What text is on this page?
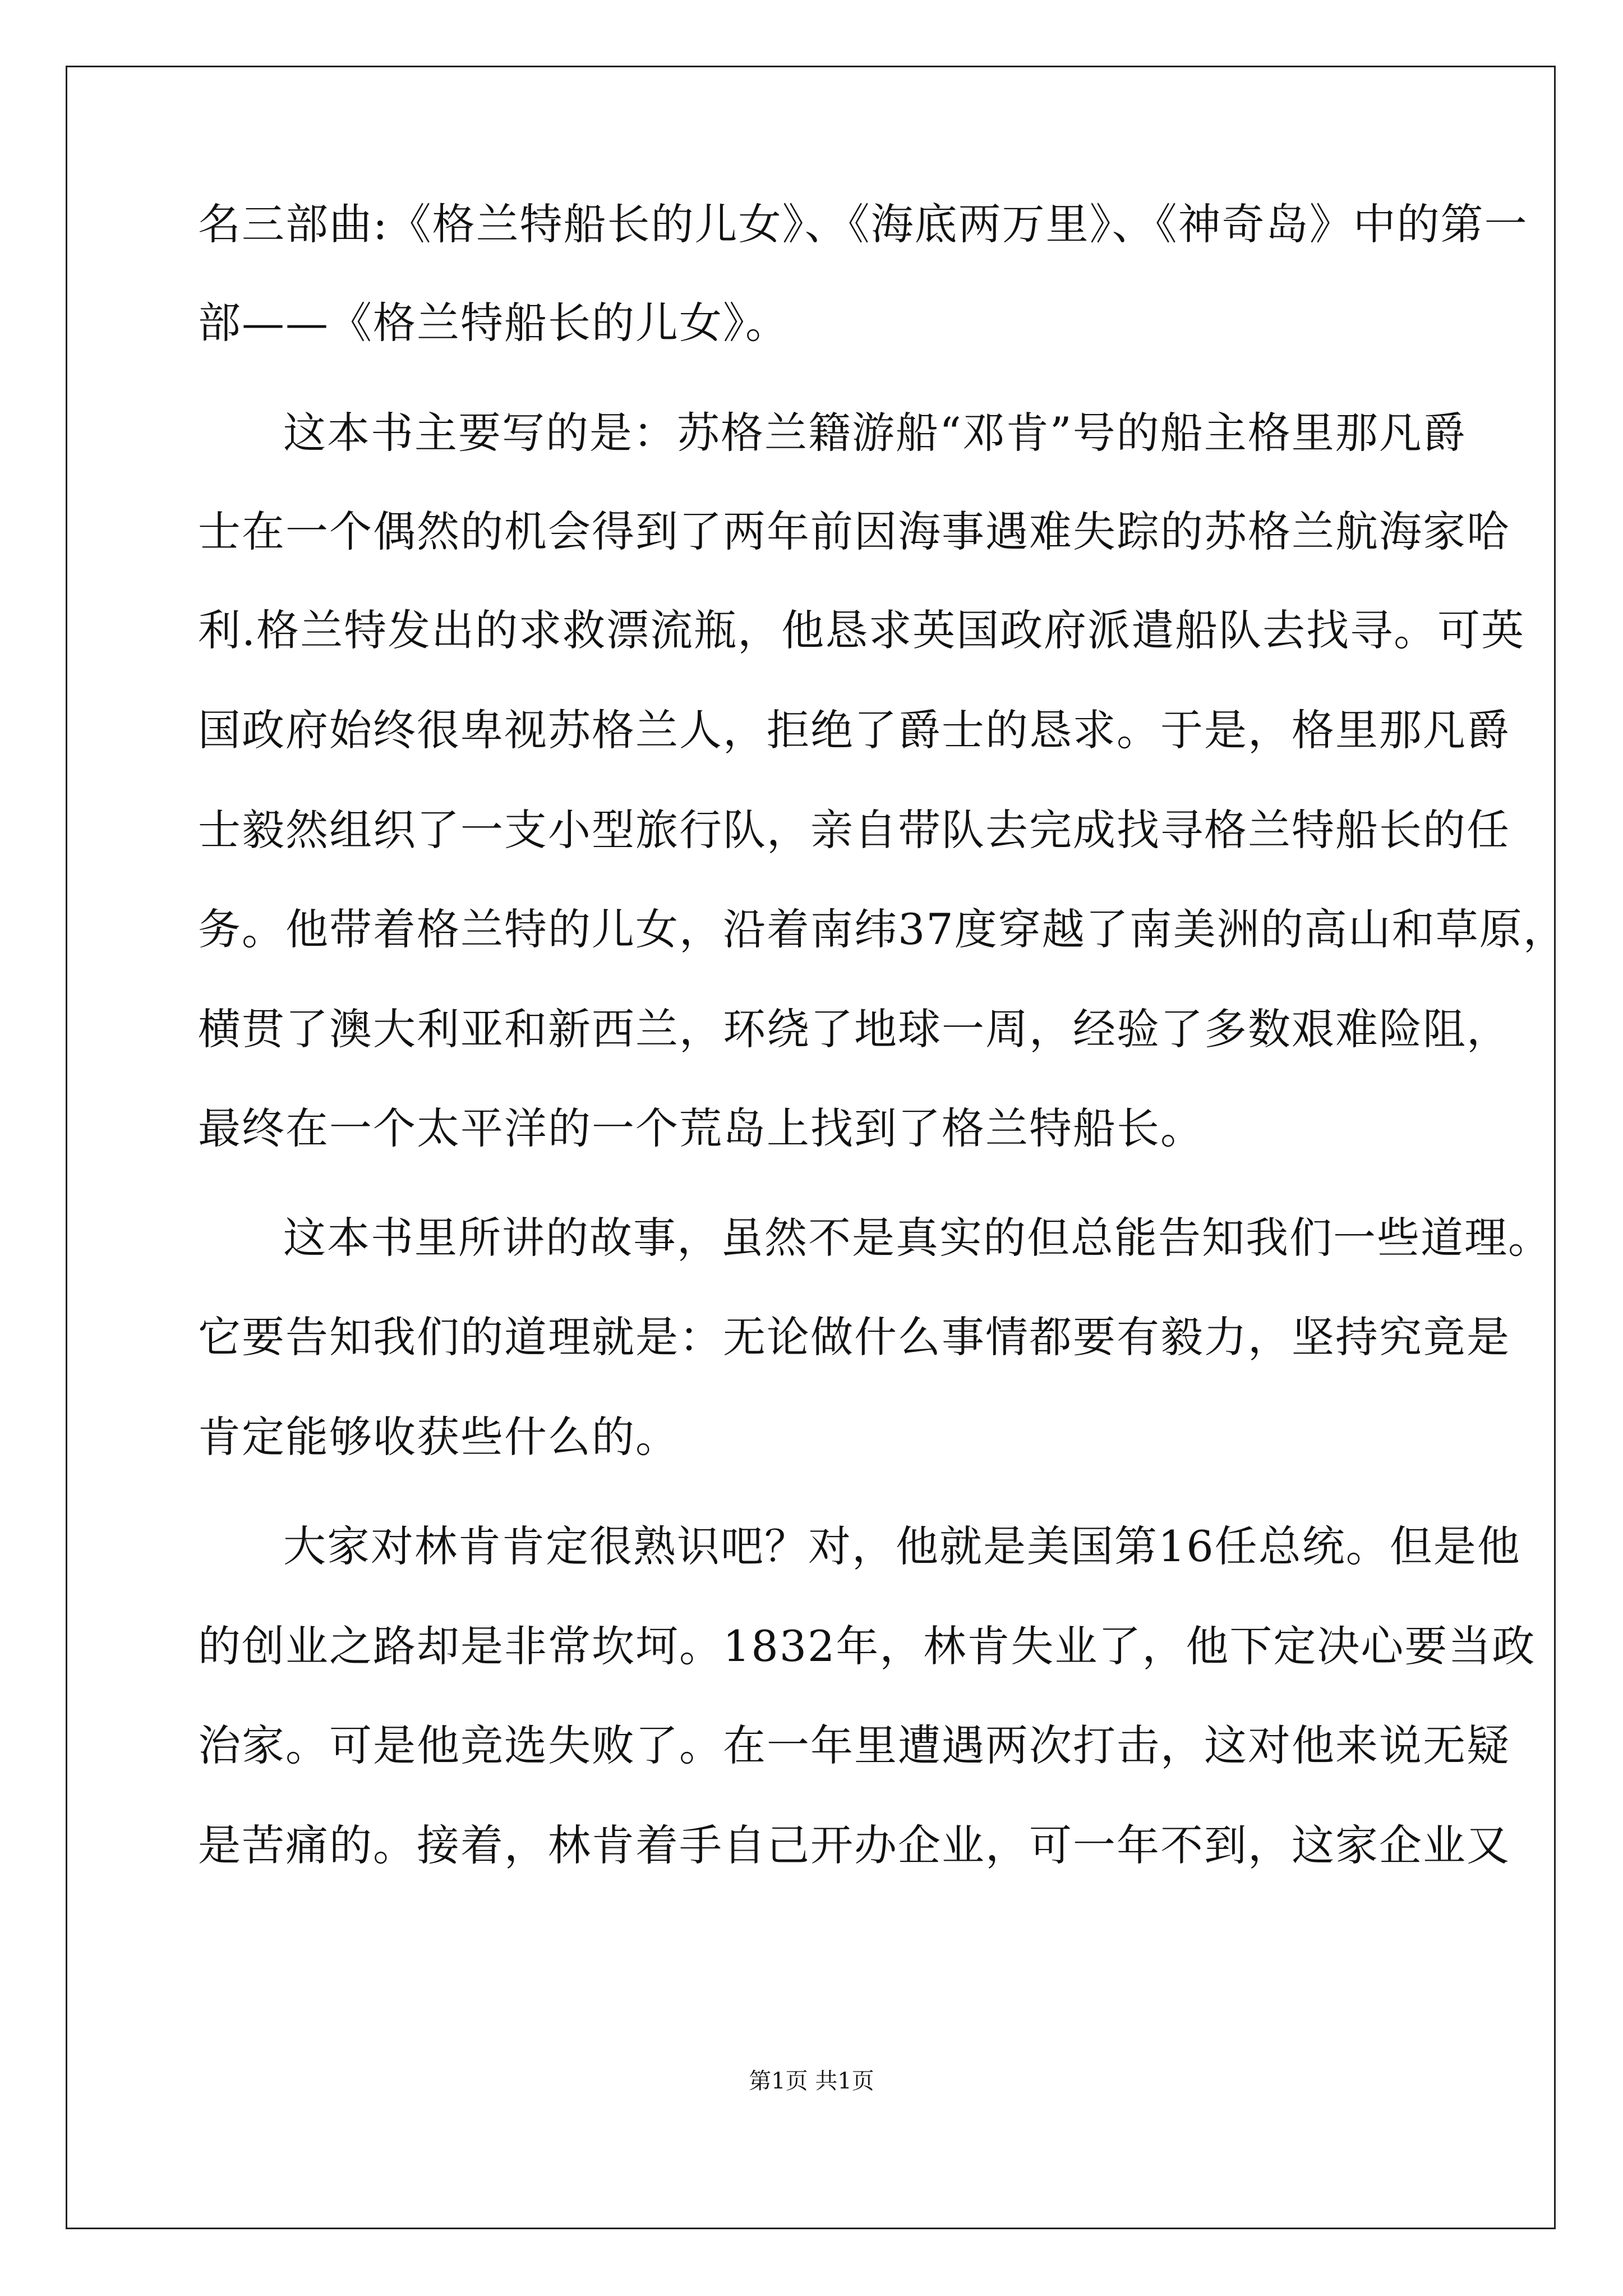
名三部曲:《格兰特船长的儿女》、《海底两万里》、《神奇岛》中的第一
部——《格兰特船长的儿女》。
这本书主要写的是：苏格兰籍游船“邓肯”号的船主格里那凡爵
士在一个偶然的机会得到了两年前因海事遇难失踪的苏格兰航海家哈
利.格兰特发出的求救漂流瓶，他恳求英国政府派遣船队去找寻。可英
国政府始终很卑视苏格兰人，拒绝了爵士的恳求。于是，格里那凡爵
士毅然组织了一支小型旅行队，亲自带队去完成找寻格兰特船长的任
务。他带着格兰特的儿女，沿着南纬37度穿越了南美洲的高山和草原，
横贯了澳大利亚和新西兰，环绕了地球一周，经验了多数艰难险阻，
最终在一个太平洋的一个荒岛上找到了格兰特船长。
这本书里所讲的故事，虽然不是真实的但总能告知我们一些道理。
它要告知我们的道理就是：无论做什么事情都要有毅力，坚持究竟是
肯定能够收获些什么的。
大家对林肯肯定很熟识吧？对，他就是美国第16任总统。但是他
的创业之路却是非常坎坷。1832年，林肯失业了，他下定决心要当政
治家。可是他竞选失败了。在一年里遭遇两次打击，这对他来说无疑
是苦痛的。接着，林肯着手自己开办企业，可一年不到，这家企业又
第1页 共1页
